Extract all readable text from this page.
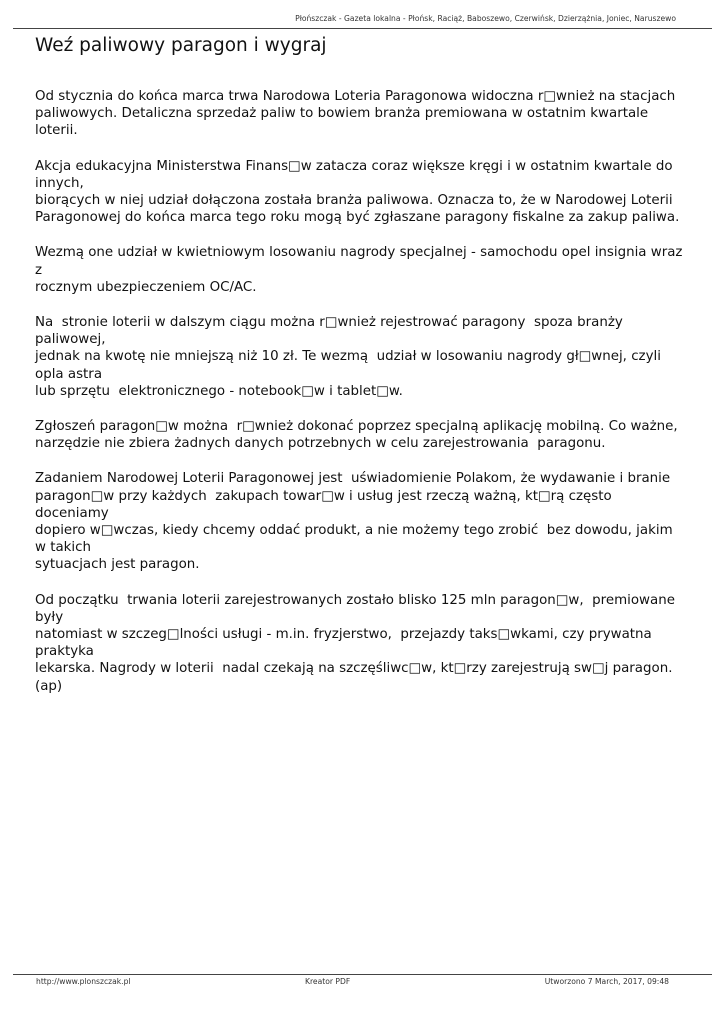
Płońszczak - Gazeta lokalna - Płońsk, Raciąż, Baboszewo, Czerwińsk, Dzierzążnia, Joniec, Naruszewo
Weź paliwowy paragon i wygraj

Od stycznia do końca marca trwa Narodowa Loteria Paragonowa widoczna r□wnież na stacjach
paliwowych. Detaliczna sprzedaż paliw to bowiem branża premiowana w ostatnim kwartale loterii.

Akcja edukacyjna Ministerstwa Finans□w zatacza coraz większe kręgi i w ostatnim kwartale do innych,
biorących w niej udział dołączona została branża paliwowa. Oznacza to, że w Narodowej Loterii
Paragonowej do końca marca tego roku mogą być zgłaszane paragony fiskalne za zakup paliwa.

Wezmą one udział w kwietniowym losowaniu nagrody specjalnej - samochodu opel insignia wraz z
rocznym ubezpieczeniem OC/AC.

Na  stronie loterii w dalszym ciągu można r□wnież rejestrować paragony  spoza branży paliwowej,
jednak na kwotę nie mniejszą niż 10 zł. Te wezmą  udział w losowaniu nagrody gł□wnej, czyli opla astra
lub sprzętu  elektronicznego - notebook□w i tablet□w.

Zgłoszeń paragon□w można  r□wnież dokonać poprzez specjalną aplikację mobilną. Co ważne,
narzędzie nie zbiera żadnych danych potrzebnych w celu zarejestrowania  paragonu.

Zadaniem Narodowej Loterii Paragonowej jest  uświadomienie Polakom, że wydawanie i branie
paragon□w przy każdych  zakupach towar□w i usług jest rzeczą ważną, kt□rą często doceniamy
dopiero w□wczas, kiedy chcemy oddać produkt, a nie możemy tego zrobić  bez dowodu, jakim w takich
sytuacjach jest paragon.

Od początku  trwania loterii zarejestrowanych zostało blisko 125 mln paragon□w,  premiowane były
natomiast w szczeg□lności usługi - m.in. fryzjerstwo,  przejazdy taks□wkami, czy prywatna praktyka
lekarska. Nagrody w loterii  nadal czekają na szczęśliwc□w, kt□rzy zarejestrują sw□j paragon. (ap)

http://www.plonszczak.pl	Kreator PDF	Utworzono 7 March, 2017, 09:48
